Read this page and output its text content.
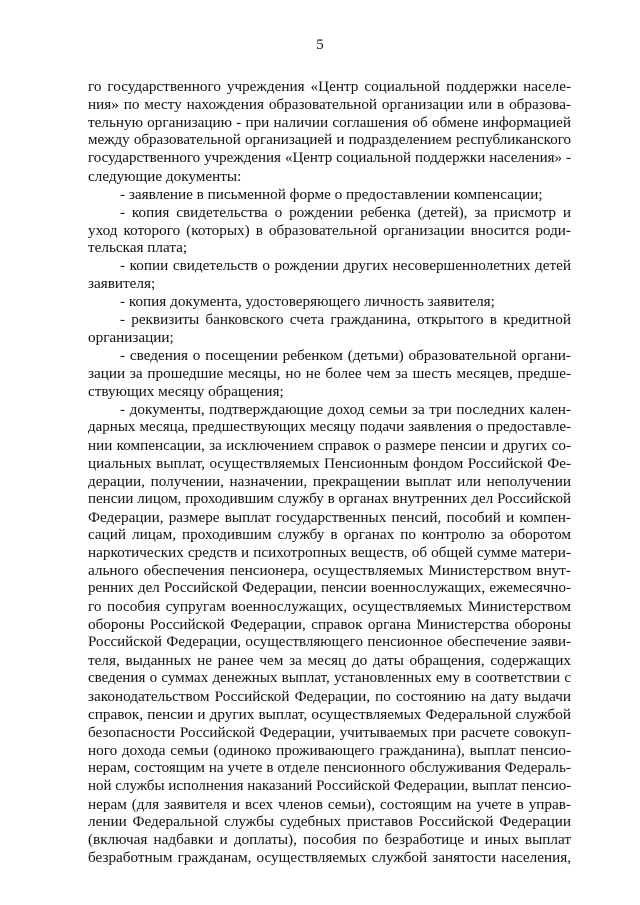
5
го государственного учреждения «Центр социальной поддержки населе-
ния» по месту нахождения образовательной организации или в образова-
тельную организацию - при наличии соглашения об обмене информацией
между образовательной организацией и подразделением республиканского
государственного учреждения «Центр социальной поддержки населения» -
следующие документы:
- заявление в письменной форме о предоставлении компенсации;
- копия свидетельства о рождении ребенка (детей), за присмотр и
уход которого (которых) в образовательной организации вносится роди-
тельская плата;
- копии свидетельств о рождении других несовершеннолетних детей
заявителя;
- копия документа, удостоверяющего личность заявителя;
- реквизиты банковского счета гражданина, открытого в кредитной
организации;
- сведения о посещении ребенком (детьми) образовательной органи-
зации за прошедшие месяцы, но не более чем за шесть месяцев, предше-
ствующих месяцу обращения;
- документы, подтверждающие доход семьи за три последних кален-
дарных месяца, предшествующих месяцу подачи заявления о предоставле-
нии компенсации, за исключением справок о размере пенсии и других со-
циальных выплат, осуществляемых Пенсионным фондом Российской Фе-
дерации, получении, назначении, прекращении выплат или неполучении
пенсии лицом, проходившим службу в органах внутренних дел Российской
Федерации, размере выплат государственных пенсий, пособий и компен-
саций лицам, проходившим службу в органах по контролю за оборотом
наркотических средств и психотропных веществ, об общей сумме матери-
ального обеспечения пенсионера, осуществляемых Министерством внут-
ренних дел Российской Федерации, пенсии военнослужащих, ежемесячно-
го пособия супругам военнослужащих, осуществляемых Министерством
обороны Российской Федерации, справок органа Министерства обороны
Российской Федерации, осуществляющего пенсионное обеспечение заяви-
теля, выданных не ранее чем за месяц до даты обращения, содержащих
сведения о суммах денежных выплат, установленных ему в соответствии с
законодательством Российской Федерации, по состоянию на дату выдачи
справок, пенсии и других выплат, осуществляемых Федеральной службой
безопасности Российской Федерации, учитываемых при расчете совокуп-
ного дохода семьи (одиноко проживающего гражданина), выплат пенсио-
нерам, состоящим на учете в отделе пенсионного обслуживания Федераль-
ной службы исполнения наказаний Российской Федерации, выплат пенсио-
нерам (для заявителя и всех членов семьи), состоящим на учете в управ-
лении Федеральной службы судебных приставов Российской Федерации
(включая надбавки и доплаты), пособия по безработице и иных выплат
безработным гражданам, осуществляемых службой занятости населения,
